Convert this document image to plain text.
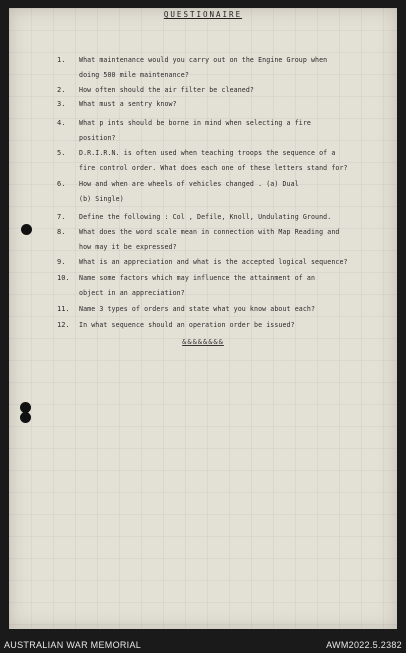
QUESTIONAIRE
1. What maintenance would you carry out on the Engine Group when
doing 500 mile maintenance?
2. How often should the air filter be cleaned?
3. What must a sentry know?
4. What p ints should be borne in mind when selecting a fire
position?
5. D.R.I.R.N. is often used when teaching troops the sequence of a
fire control order. What does each one of these letters stand for?
6. How and when are wheels of vehicles changed . (a) Dual
(b) Single)
7. Define the following : Col , Defile, Knoll, Undulating Ground.
8. What does the word scale mean in connection with Map Reading and
how may it be expressed?
9. What is an appreciation and what is the accepted logical sequence?
10. Name some factors which may influence the attainment of an
object in an appreciation?
11. Name 3 types of orders and state what you know about each?
12. In what sequence should an operation order be issued?
&&&&&&&&
AUSTRALIAN WAR MEMORIAL	AWM2022.5.2382
